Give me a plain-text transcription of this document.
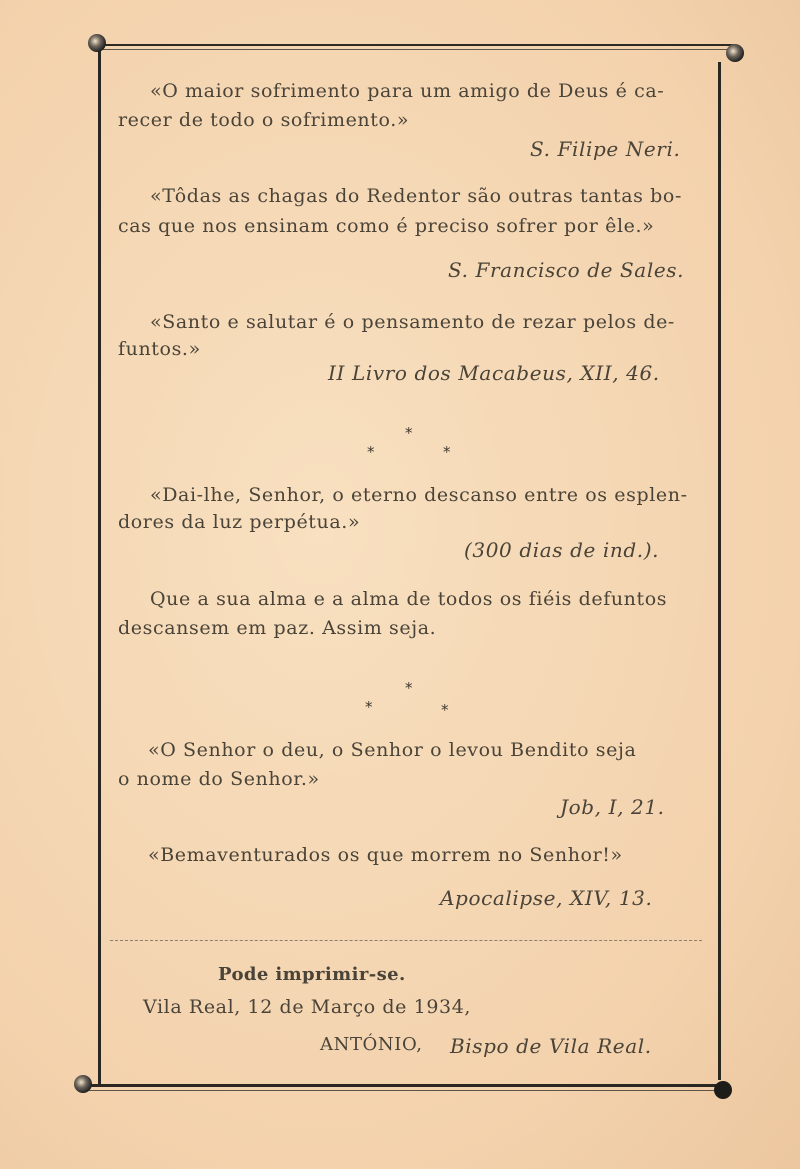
«O maior sofrimento para um amigo de Deus é ca-
recer de todo o sofrimento.»
S. Filipe Neri.
«Tôdas as chagas do Redentor são outras tantas bo-
cas que nos ensinam como é preciso sofrer por êle.»
S. Francisco de Sales.
«Santo e salutar é o pensamento de rezar pelos de-
funtos.»
II Livro dos Macabeus, XII, 46.
*
*	*
«Dai-lhe, Senhor, o eterno descanso entre os esplen-
dores da luz perpétua.»
(300 dias de ind.).
Que a sua alma e a alma de todos os fiéis defuntos
descansem em paz. Assim seja.
*
*	*
«O Senhor o deu, o Senhor o levou Bendito seja
o nome do Senhor.»
Job, I, 21.
«Bemaventurados os que morrem no Senhor!»
Apocalipse, XIV, 13.
Pode imprimir-se.
Vila Real, 12 de Março de 1934,
ANTÓNIO, Bispo de Vila Real.
